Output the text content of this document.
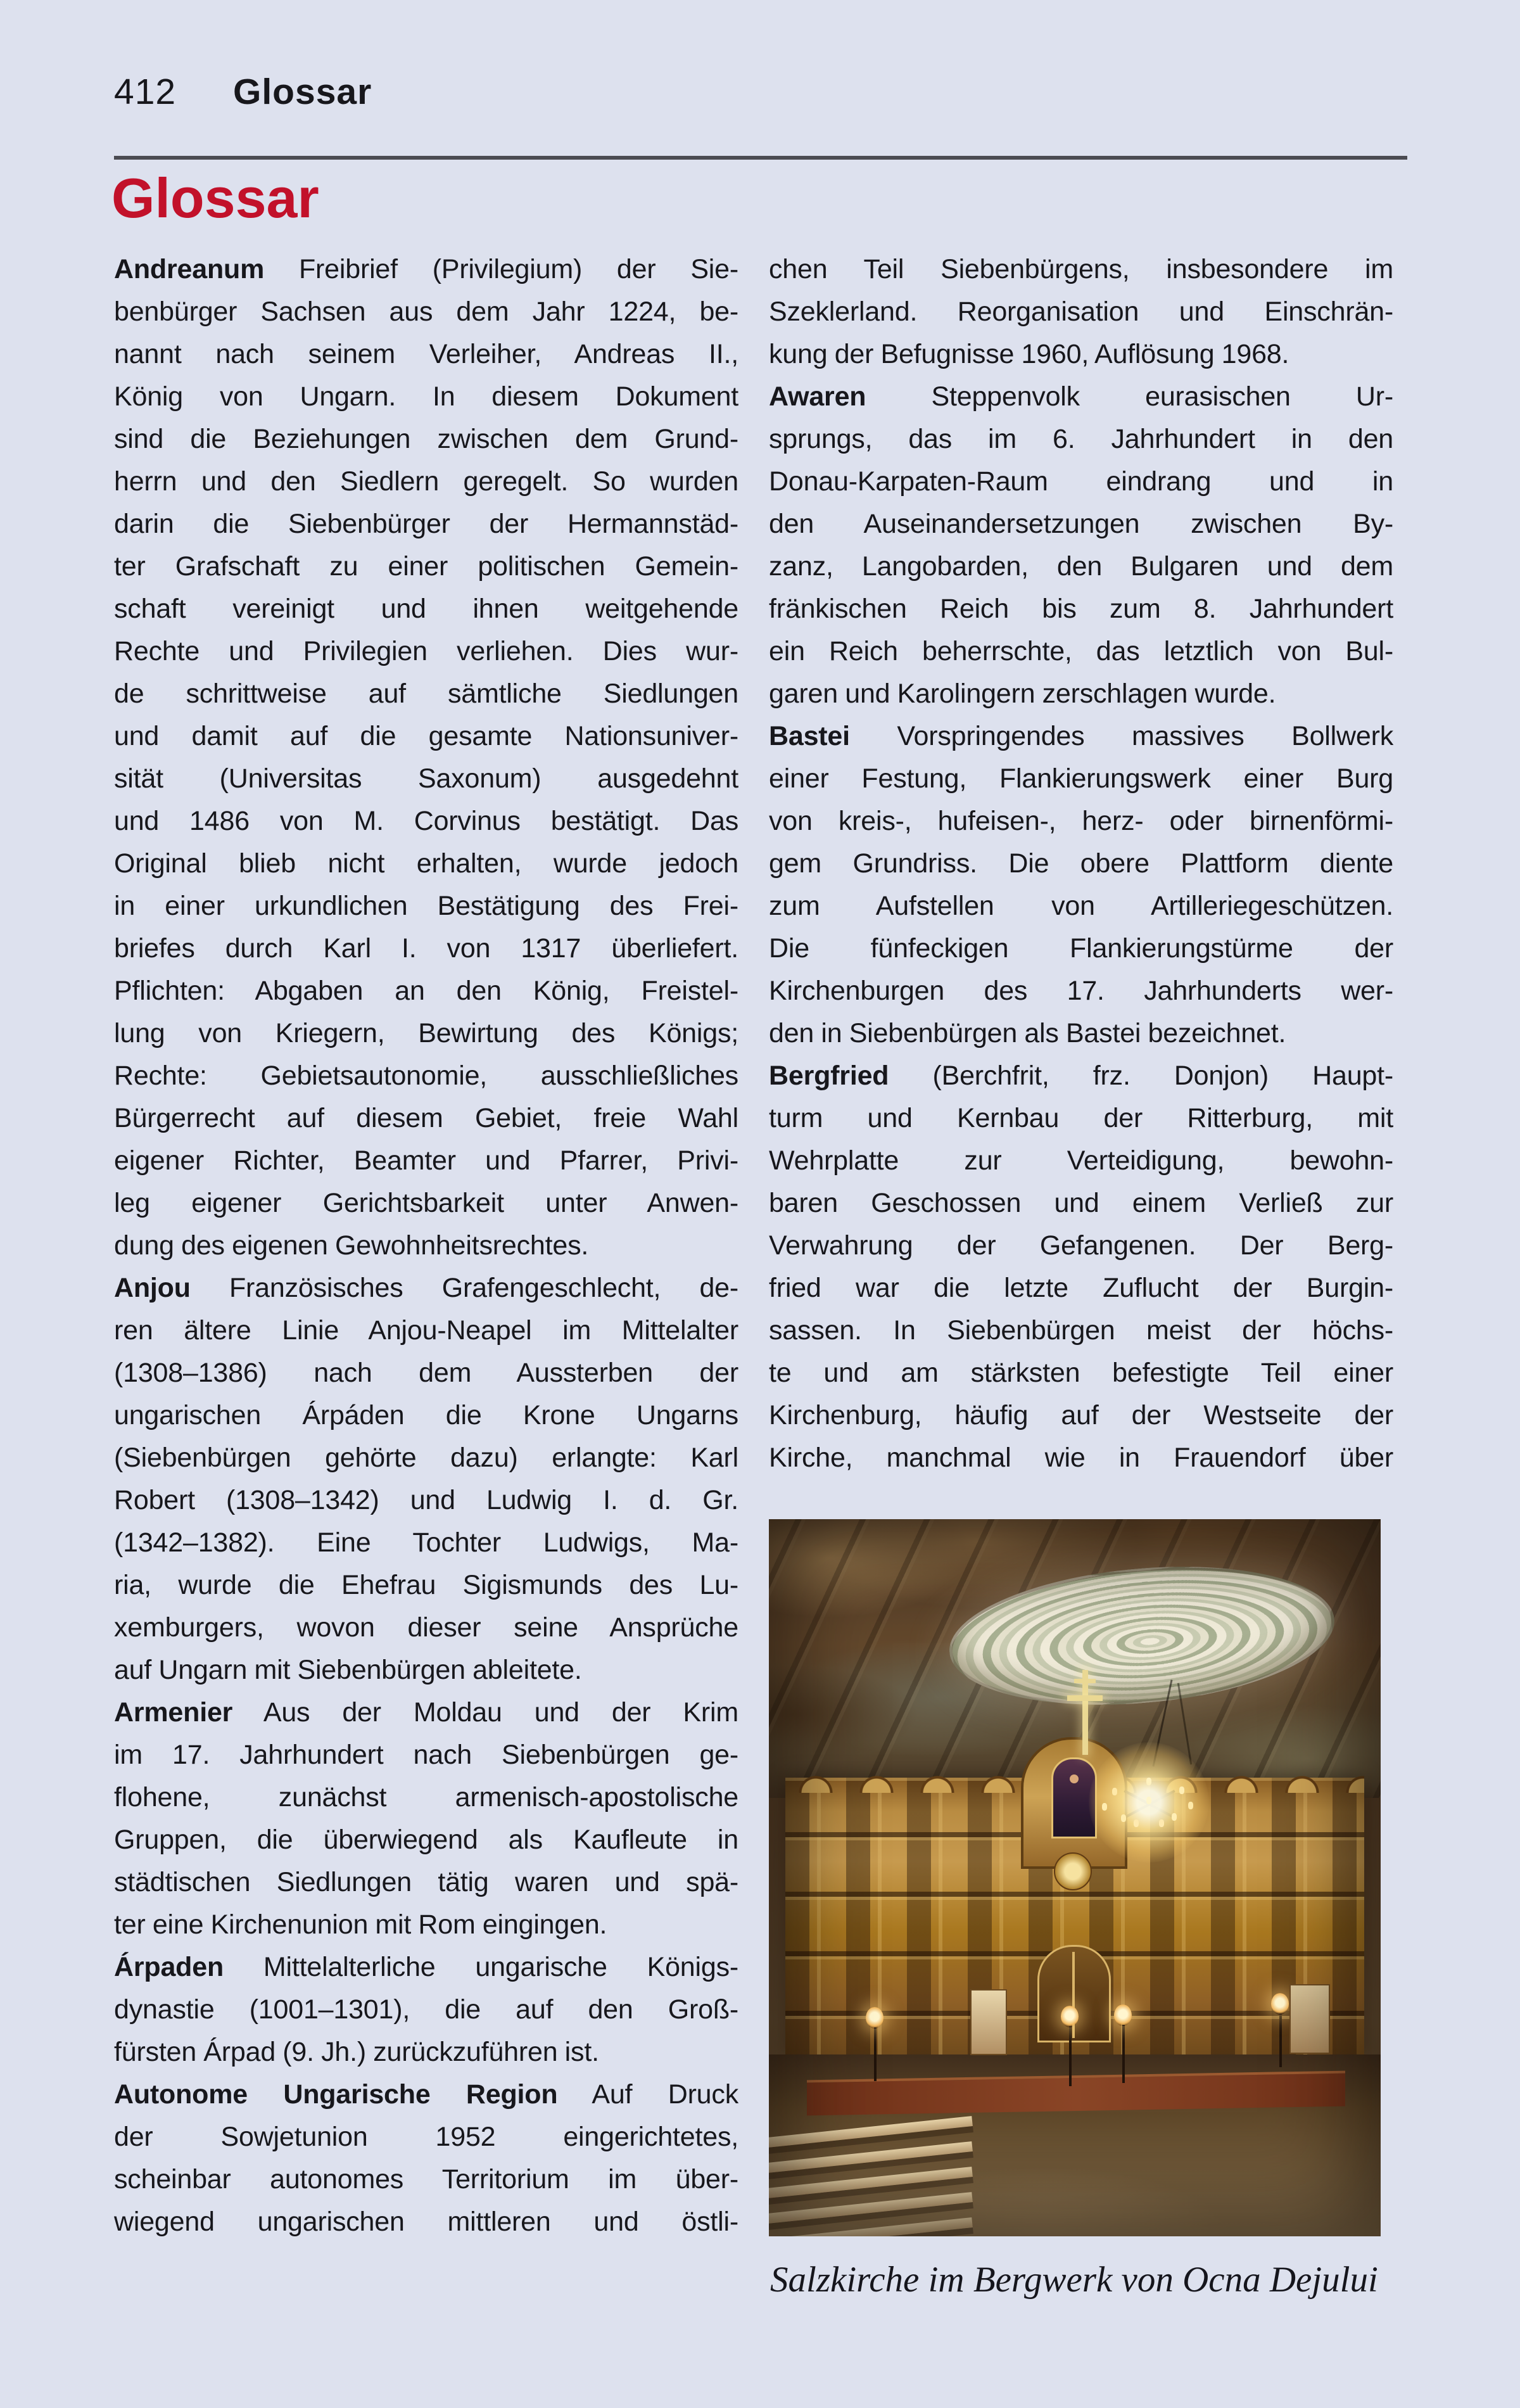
412 Glossar
Glossar
Andreanum Freibrief (Privilegium) der Sie-
benbürger Sachsen aus dem Jahr 1224, be-
nannt nach seinem Verleiher, Andreas II.,
König von Ungarn. In diesem Dokument
sind die Beziehungen zwischen dem Grund-
herrn und den Siedlern geregelt. So wurden
darin die Siebenbürger der Hermannstäd-
ter Grafschaft zu einer politischen Gemein-
schaft vereinigt und ihnen weitgehende
Rechte und Privilegien verliehen. Dies wur-
de schrittweise auf sämtliche Siedlungen
und damit auf die gesamte Nationsuniver-
sität (Universitas Saxonum) ausgedehnt
und 1486 von M. Corvinus bestätigt. Das
Original blieb nicht erhalten, wurde jedoch
in einer urkundlichen Bestätigung des Frei-
briefes durch Karl I. von 1317 überliefert.
Pflichten: Abgaben an den König, Freistel-
lung von Kriegern, Bewirtung des Königs;
Rechte: Gebietsautonomie, ausschließliches
Bürgerrecht auf diesem Gebiet, freie Wahl
eigener Richter, Beamter und Pfarrer, Privi-
leg eigener Gerichtsbarkeit unter Anwen-
dung des eigenen Gewohnheitsrechtes.
Anjou Französisches Grafengeschlecht, de-
ren ältere Linie Anjou-Neapel im Mittelalter
(1308–1386) nach dem Aussterben der
ungarischen Árpáden die Krone Ungarns
(Siebenbürgen gehörte dazu) erlangte: Karl
Robert (1308–1342) und Ludwig I. d. Gr.
(1342–1382). Eine Tochter Ludwigs, Ma-
ria, wurde die Ehefrau Sigismunds des Lu-
xemburgers, wovon dieser seine Ansprüche
auf Ungarn mit Siebenbürgen ableitete.
Armenier Aus der Moldau und der Krim
im 17. Jahrhundert nach Siebenbürgen ge-
flohene, zunächst armenisch-apostolische
Gruppen, die überwiegend als Kaufleute in
städtischen Siedlungen tätig waren und spä-
ter eine Kirchenunion mit Rom eingingen.
Árpaden Mittelalterliche ungarische Königs-
dynastie (1001–1301), die auf den Groß-
fürsten Árpad (9. Jh.) zurückzuführen ist.
Autonome Ungarische Region Auf Druck
der Sowjetunion 1952 eingerichtetes,
scheinbar autonomes Territorium im über-
wiegend ungarischen mittleren und östli-
chen Teil Siebenbürgens, insbesondere im
Szeklerland. Reorganisation und Einschrän-
kung der Befugnisse 1960, Auflösung 1968.
Awaren Steppenvolk eurasischen Ur-
sprungs, das im 6. Jahrhundert in den
Donau-Karpaten-Raum eindrang und in
den Auseinandersetzungen zwischen By-
zanz, Langobarden, den Bulgaren und dem
fränkischen Reich bis zum 8. Jahrhundert
ein Reich beherrschte, das letztlich von Bul-
garen und Karolingern zerschlagen wurde.
Bastei Vorspringendes massives Bollwerk
einer Festung, Flankierungswerk einer Burg
von kreis-, hufeisen-, herz- oder birnenförmi-
gem Grundriss. Die obere Plattform diente
zum Aufstellen von Artilleriegeschützen.
Die fünfeckigen Flankierungstürme der
Kirchenburgen des 17. Jahrhunderts wer-
den in Siebenbürgen als Bastei bezeichnet.
Bergfried (Berchfrit, frz. Donjon) Haupt-
turm und Kernbau der Ritterburg, mit
Wehrplatte zur Verteidigung, bewohn-
baren Geschossen und einem Verließ zur
Verwahrung der Gefangenen. Der Berg-
fried war die letzte Zuflucht der Burgin-
sassen. In Siebenbürgen meist der höchs-
te und am stärksten befestigte Teil einer
Kirchenburg, häufig auf der Westseite der
Kirche, manchmal wie in Frauendorf über
Salzkirche im Bergwerk von Ocna Dejului
